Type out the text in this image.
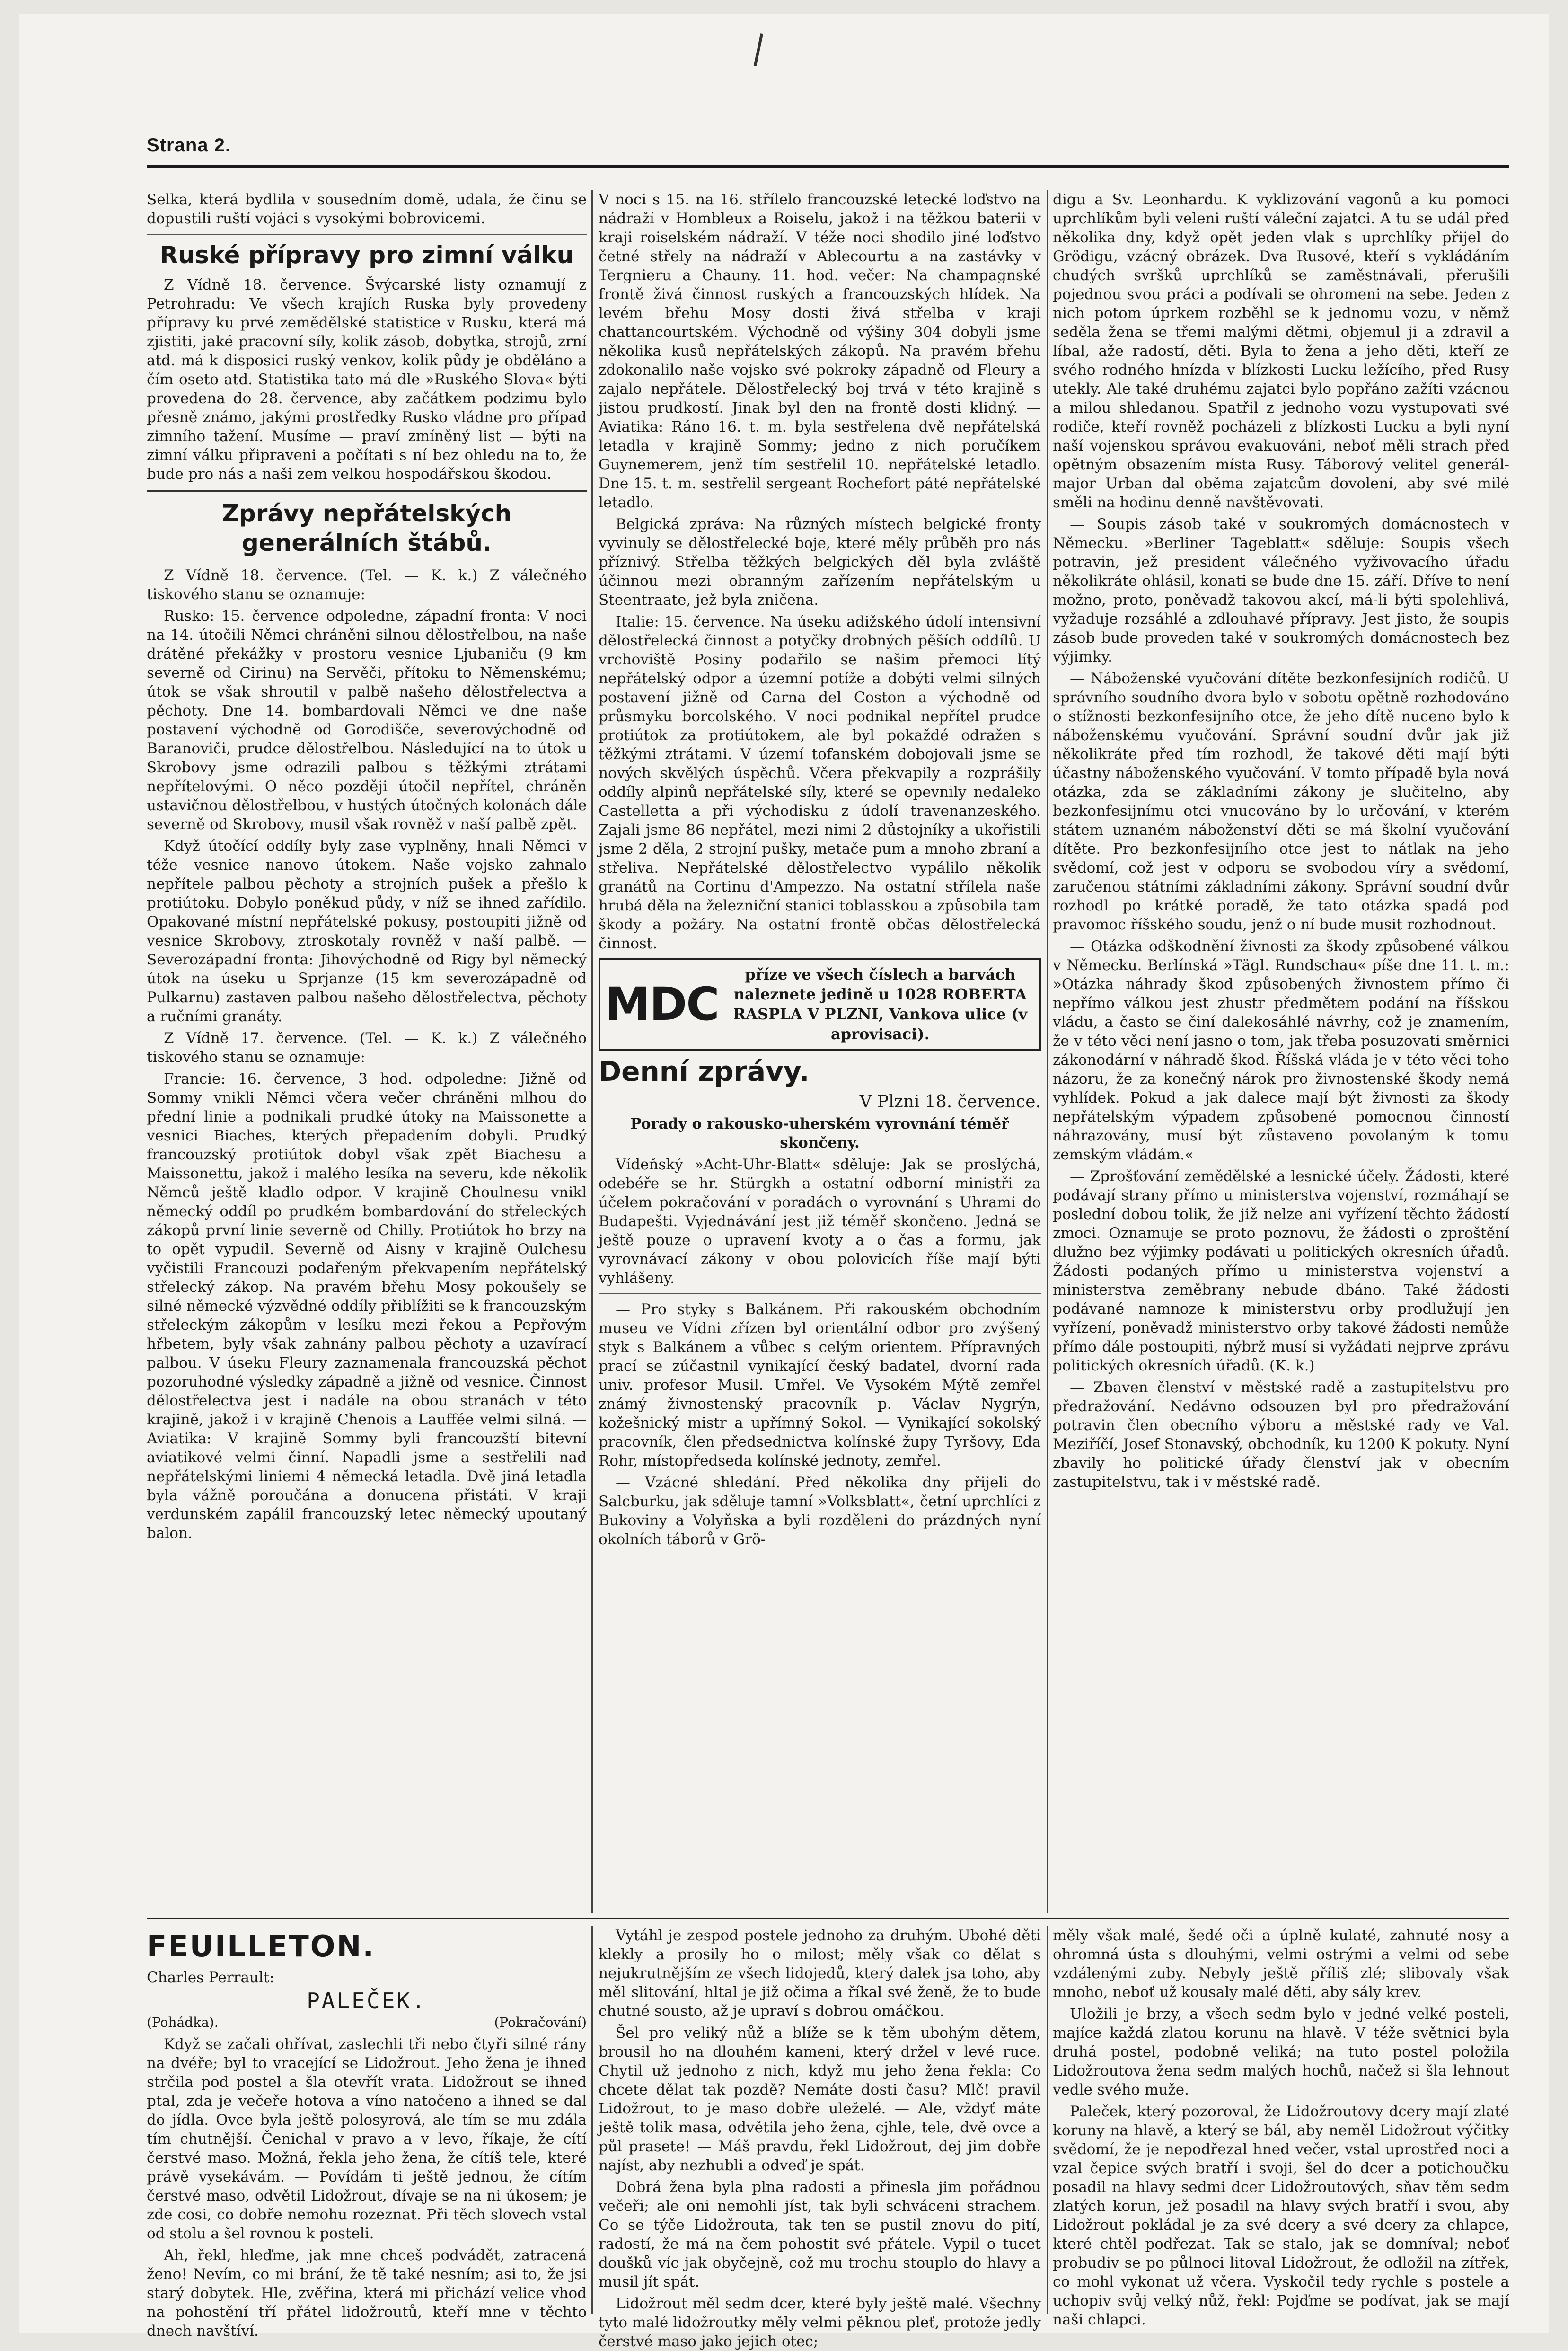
Strana 2.

Selka, která bydlila v sousedním domě, udala, že činu se dopustili ruští vojáci s vysokými bobrovicemi.

Ruské přípravy pro zimní válku

Z Vídně 18. července. Švýcarské listy oznamují z Petrohradu: Ve všech krajích Ruska byly provedeny přípravy ku prvé zemědělské statistice v Rusku, která má zjistiti, jaké pracovní síly, kolik zásob, dobytka, strojů, zrní atd. má k disposici ruský venkov, kolik půdy je obděláno a čím oseto atd. Statistika tato má dle »Ruského Slova« býti provedena do 28. července, aby začátkem podzimu bylo přesně známo, jakými prostředky Rusko vládne pro případ zimního tažení. Musíme — praví zmíněný list — býti na zimní válku připraveni a počítati s ní bez ohledu na to, že bude pro nás a naši zem velkou hospodářskou škodou.

Zprávy nepřátelských generálních štábů.

Z Vídně 18. července. (Tel. — K. k.) Z válečného tiskového stanu se oznamuje:

Rusko: 15. července odpoledne, západní fronta: V noci na 14. útočili Němci chráněni silnou dělostřelbou, na naše drátěné překážky v prostoru vesnice Ljubaniču (9 km severně od Cirinu) na Servěči, přítoku to Němenskému; útok se však shroutil v palbě našeho dělostřelectva a pěchoty. Dne 14. bombardovali Němci ve dne naše postavení východně od Gorodišče, severovýchodně od Baranoviči, prudce dělostřelbou. Následující na to útok u Skrobovy jsme odrazili palbou s těžkými ztrátami nepřítelovými. O něco později útočil nepřítel, chráněn ustavičnou dělostřelbou, v hustých útočných kolonách dále severně od Skrobovy, musil však rovněž v naší palbě zpět.

Když útočící oddíly byly zase vyplněny, hnali Němci v téže vesnice nanovo útokem. Naše vojsko zahnalo nepřítele palbou pěchoty a strojních pušek a přešlo k protiútoku. Dobylo poněkud půdy, v níž se ihned zařídilo. Opakované místní nepřátelské pokusy, postoupiti jižně od vesnice Skrobovy, ztroskotaly rovněž v naší palbě. — Severozápadní fronta: Jihovýchodně od Rigy byl německý útok na úseku u Sprjanze (15 km severozápadně od Pulkarnu) zastaven palbou našeho dělostřelectva, pěchoty a ručními granáty.

Z Vídně 17. července. (Tel. — K. k.) Z válečného tiskového stanu se oznamuje:

Francie: 16. července, 3 hod. odpoledne: Jižně od Sommy vnikli Němci včera večer chráněni mlhou do přední linie a podnikali prudké útoky na Maissonette a vesnici Biaches, kterých přepadením dobyli. Prudký francouzský protiútok dobyl však zpět Biachesu a Maissonettu, jakož i malého lesíka na severu, kde několik Němců ještě kladlo odpor. V krajině Choulnesu vnikl německý oddíl po prudkém bombardování do střeleckých zákopů první linie severně od Chilly. Protiútok ho brzy na to opět vypudil. Severně od Aisny v krajině Oulchesu vyčistili Francouzi podařeným překvapením nepřátelský střelecký zákop. Na pravém břehu Mosy pokoušely se silné německé výzvědné oddíly přiblížiti se k francouzským střeleckým zákopům v lesíku mezi řekou a Pepřovým hřbetem, byly však zahnány palbou pěchoty a uzavírací palbou. V úseku Fleury zaznamenala francouzská pěchot pozoruhodné výsledky západně a jižně od vesnice. Činnost dělostřelectva jest i nadále na obou stranách v této krajině, jakož i v krajině Chenois a Lauffée velmi silná. — Aviatika: V krajině Sommy byli francouzští bitevní aviatikové velmi činní. Napadli jsme a sestřelili nad nepřátelskými liniemi 4 německá letadla. Dvě jiná letadla byla vážně poroučána a donucena přistáti. V kraji verdunském zapálil francouzský letec německý upoutaný balon.

V noci s 15. na 16. střílelo francouzské letecké loďstvo na nádraží v Hombleux a Roiselu, jakož i na těžkou baterii v kraji roiselském nádraží. V téže noci shodilo jiné loďstvo četné střely na nádraží v Ablecourtu a na zastávky v Tergnieru a Chauny. 11. hod. večer: Na champagnské frontě živá činnost ruských a francouzských hlídek. Na levém břehu Mosy dosti živá střelba v kraji chattancourtském. Východně od výšiny 304 dobyli jsme několika kusů nepřátelských zákopů. Na pravém břehu zdokonalilo naše vojsko své pokroky západně od Fleury a zajalo nepřátele. Dělostřelecký boj trvá v této krajině s jistou prudkostí. Jinak byl den na frontě dosti klidný. — Aviatika: Ráno 16. t. m. byla sestřelena dvě nepřátelská letadla v krajině Sommy; jedno z nich poručíkem Guynemerem, jenž tím sestřelil 10. nepřátelské letadlo. Dne 15. t. m. sestřelil sergeant Rochefort páté nepřátelské letadlo.

Belgická zpráva: Na různých místech belgické fronty vyvinuly se dělostřelecké boje, které měly průběh pro nás příznivý. Střelba těžkých belgických děl byla zvláště účinnou mezi obranným zařízením nepřátelským u Steentraate, jež byla zničena.

Italie: 15. července. Na úseku adižského údolí intensivní dělostřelecká činnost a potyčky drobných pěších oddílů. U vrchoviště Posiny podařilo se našim přemoci lítý nepřátelský odpor a územní potíže a dobýti velmi silných postavení jižně od Carna del Coston a východně od průsmyku borcolského. V noci podnikal nepřítel prudce protiútok za protiútokem, ale byl pokaždé odražen s těžkými ztrátami. V území tofanském dobojovali jsme se nových skvělých úspěchů. Včera překvapily a rozprášily oddíly alpinů nepřátelské síly, které se opevnily nedaleko Castelletta a při východisku z údolí travenanzeského. Zajali jsme 86 nepřátel, mezi nimi 2 důstojníky a ukořistili jsme 2 děla, 2 strojní pušky, metače pum a mnoho zbraní a střeliva. Nepřátelské dělostřelectvo vypálilo několik granátů na Cortinu d'Ampezzo. Na ostatní střílela naše hrubá děla na železniční stanici toblasskou a způsobila tam škody a požáry. Na ostatní frontě občas dělostřelecká činnost.

MDC
příze ve všech číslech a barvách naleznete jedině u 1028 ROBERTA RASPLA V PLZNI, Vankova ulice (v aprovisaci).
Denní zprávy.
V Plzni 18. července.
Porady o rakousko-uherském vyrovnání téměř skončeny.

Vídeňský »Acht-Uhr-Blatt« sděluje: Jak se proslýchá, odebéře se hr. Stürgkh a ostatní odborní ministři za účelem pokračování v poradách o vyrovnání s Uhrami do Budapešti. Vyjednávání jest již téměř skončeno. Jedná se ještě pouze o upravení kvoty a o čas a formu, jak vyrovnávací zákony v obou polovicích říše mají býti vyhlášeny.

— Pro styky s Balkánem. Při rakouském obchodním museu ve Vídni zřízen byl orientální odbor pro zvýšený styk s Balkánem a vůbec s celým orientem. Přípravných prací se zúčastnil vynikající český badatel, dvorní rada univ. profesor Musil. Umřel. Ve Vysokém Mýtě zemřel známý živnostenský pracovník p. Václav Nygrýn, kožešnický mistr a upřímný Sokol. — Vynikající sokolský pracovník, člen předsednictva kolínské župy Tyršovy, Eda Rohr, místopředseda kolínské jednoty, zemřel.

— Vzácné shledání. Před několika dny přijeli do Salcburku, jak sděluje tamní »Volksblatt«, četní uprchlíci z Bukoviny a Volyňska a byli rozděleni do prázdných nyní okolních táborů v Grö-

digu a Sv. Leonhardu. K vyklizování vagonů a ku pomoci uprchlíkům byli veleni ruští váleční zajatci. A tu se udál před několika dny, když opět jeden vlak s uprchlíky přijel do Grödigu, vzácný obrázek. Dva Rusové, kteří s vykládáním chudých svršků uprchlíků se zaměstnávali, přerušili pojednou svou práci a podívali se ohromeni na sebe. Jeden z nich potom úprkem rozběhl se k jednomu vozu, v němž seděla žena se třemi malými dětmi, objemul ji a zdravil a líbal, aže radostí, děti. Byla to žena a jeho děti, kteří ze svého rodného hnízda v blízkosti Lucku ležícího, před Rusy utekly. Ale také druhému zajatci bylo popřáno zažíti vzácnou a milou shledanou. Spatřil z jednoho vozu vystupovati své rodiče, kteří rovněž pocházeli z blízkosti Lucku a byli nyní naší vojenskou správou evakuováni, neboť měli strach před opětným obsazením místa Rusy. Táborový velitel generál-major Urban dal oběma zajatcům dovolení, aby své milé směli na hodinu denně navštěvovati.

— Soupis zásob také v soukromých domácnostech v Německu. »Berliner Tageblatt« sděluje: Soupis všech potravin, jež president válečného vyživovacího úřadu několikráte ohlásil, konati se bude dne 15. září. Dříve to není možno, proto, poněvadž takovou akcí, má-li býti spolehlivá, vyžaduje rozsáhlé a zdlouhavé přípravy. Jest jisto, že soupis zásob bude proveden také v soukromých domácnostech bez výjimky.

— Náboženské vyučování dítěte bezkonfesijních rodičů. U správního soudního dvora bylo v sobotu opětně rozhodováno o stížnosti bezkonfesijního otce, že jeho dítě nuceno bylo k náboženskému vyučování. Správní soudní dvůr jak již několikráte před tím rozhodl, že takové děti mají býti účastny náboženského vyučování. V tomto případě byla nová otázka, zda se základními zákony je slučitelno, aby bezkonfesijnímu otci vnucováno by lo určování, v kterém státem uznaném náboženství děti se má školní vyučování dítěte. Pro bezkonfesijního otce jest to nátlak na jeho svědomí, což jest v odporu se svobodou víry a svědomí, zaručenou státními základními zákony. Správní soudní dvůr rozhodl po krátké poradě, že tato otázka spadá pod pravomoc říšského soudu, jenž o ní bude musit rozhodnout.

— Otázka odškodnění živnosti za škody způsobené válkou v Německu. Berlínská »Tägl. Rundschau« píše dne 11. t. m.: »Otázka náhrady škod způsobených živnostem přímo či nepřímo válkou jest zhustr předmětem podání na říšskou vládu, a často se činí dalekosáhlé návrhy, což je znamením, že v této věci není jasno o tom, jak třeba posuzovati směrnici zákonodární v náhradě škod. Říšská vláda je v této věci toho názoru, že za konečný nárok pro živnostenské škody nemá vyhlídek. Pokud a jak dalece mají být živnosti za škody nepřátelským výpadem způsobené pomocnou činností náhrazovány, musí být zůstaveno povolaným k tomu zemským vládám.«

— Zprošťování zemědělské a lesnické účely. Žádosti, které podávají strany přímo u ministerstva vojenství, rozmáhají se poslední dobou tolik, že již nelze ani vyřízení těchto žádostí zmoci. Oznamuje se proto poznovu, že žádosti o zproštění dlužno bez výjimky podávati u politických okresních úřadů. Žádosti podaných přímo u ministerstva vojenství a ministerstva zeměbrany nebude dbáno. Také žádosti podávané namnoze k ministerstvu orby prodlužují jen vyřízení, poněvadž ministerstvo orby takové žádosti nemůže přímo dále postoupiti, nýbrž musí si vyžádati nejprve zprávu politických okresních úřadů. (K. k.)

— Zbaven členství v městské radě a zastupitelstvu pro předražování. Nedávno odsouzen byl pro předražování potravin člen obecního výboru a městské rady ve Val. Meziříčí, Josef Stonavský, obchodník, ku 1200 K pokuty. Nyní zbavily ho politické úřady členství jak v obecním zastupitelstvu, tak i v městské radě.

FEUILLETON.
Charles Perrault:
PALEČEK.
(Pohádka).	(Pokračování)

Když se začali ohřívat, zaslechli tři nebo čtyři silné rány na dvéře; byl to vracející se Lidožrout. Jeho žena je ihned strčila pod postel a šla otevřít vrata. Lidožrout se ihned ptal, zda je večeře hotova a víno natočeno a ihned se dal do jídla. Ovce byla ještě polosyrová, ale tím se mu zdála tím chutnější. Čenichal v pravo a v levo, říkaje, že cítí čerstvé maso. Možná, řekla jeho žena, že cítíš tele, které právě vysekávám. — Povídám ti ještě jednou, že cítím čerstvé maso, odvětil Lidožrout, dívaje se na ni úkosem; je zde cosi, co dobře nemohu rozeznat. Při těch slovech vstal od stolu a šel rovnou k posteli.

Ah, řekl, hleďme, jak mne chceš podvádět, zatracená ženo! Nevím, co mi brání, že tě také nesním; asi to, že jsi starý dobytek. Hle, zvěřina, která mi přichází velice vhod na pohostění tří přátel lidožroutů, kteří mne v těchto dnech navštíví.

Vytáhl je zespod postele jednoho za druhým. Ubohé děti klekly a prosily ho o milost; měly však co dělat s nejukrutnějším ze všech lidojedů, který dalek jsa toho, aby měl slitování, hltal je již očima a říkal své ženě, že to bude chutné sousto, až je upraví s dobrou omáčkou.

Šel pro veliký nůž a blíže se k těm ubohým dětem, brousil ho na dlouhém kameni, který držel v levé ruce. Chytil už jednoho z nich, když mu jeho žena řekla: Co chcete dělat tak pozdě? Nemáte dosti času? Mlč! pravil Lidožrout, to je maso dobře uleželé. — Ale, vždyť máte ještě tolik masa, odvětila jeho žena, cjhle, tele, dvě ovce a půl prasete! — Máš pravdu, řekl Lidožrout, dej jim dobře najíst, aby nezhubli a odveď je spát.

Dobrá žena byla plna radosti a přinesla jim pořádnou večeři; ale oni nemohli jíst, tak byli schváceni strachem. Co se týče Lidožrouta, tak ten se pustil znovu do pití, radostí, že má na čem pohostit své přátele. Vypil o tucet doušků víc jak obyčejně, což mu trochu stouplo do hlavy a musil jít spát.

Lidožrout měl sedm dcer, které byly ještě malé. Všechny tyto malé lidožroutky měly velmi pěknou pleť, protože jedly čerstvé maso jako jejich otec;

měly však malé, šedé oči a úplně kulaté, zahnuté nosy a ohromná ústa s dlouhými, velmi ostrými a velmi od sebe vzdálenými zuby. Nebyly ještě příliš zlé; slibovaly však mnoho, neboť už kousaly malé děti, aby sály krev.

Uložili je brzy, a všech sedm bylo v jedné velké posteli, majíce každá zlatou korunu na hlavě. V téže světnici byla druhá postel, podobně veliká; na tuto postel položila Lidožroutova žena sedm malých hochů, načež si šla lehnout vedle svého muže.

Paleček, který pozoroval, že Lidožroutovy dcery mají zlaté koruny na hlavě, a který se bál, aby neměl Lidožrout výčitky svědomí, že je nepodřezal hned večer, vstal uprostřed noci a vzal čepice svých bratří i svoji, šel do dcer a potichoučku posadil na hlavy sedmi dcer Lidožroutových, sňav těm sedm zlatých korun, jež posadil na hlavy svých bratří i svou, aby Lidožrout pokládal je za své dcery a své dcery za chlapce, které chtěl podřezat. Tak se stalo, jak se domníval; neboť probudiv se po půlnoci litoval Lidožrout, že odložil na zítřek, co mohl vykonat už včera. Vyskočil tedy rychle s postele a uchopiv svůj velký nůž, řekl: Pojďme se podívat, jak se mají naši chlapci.
